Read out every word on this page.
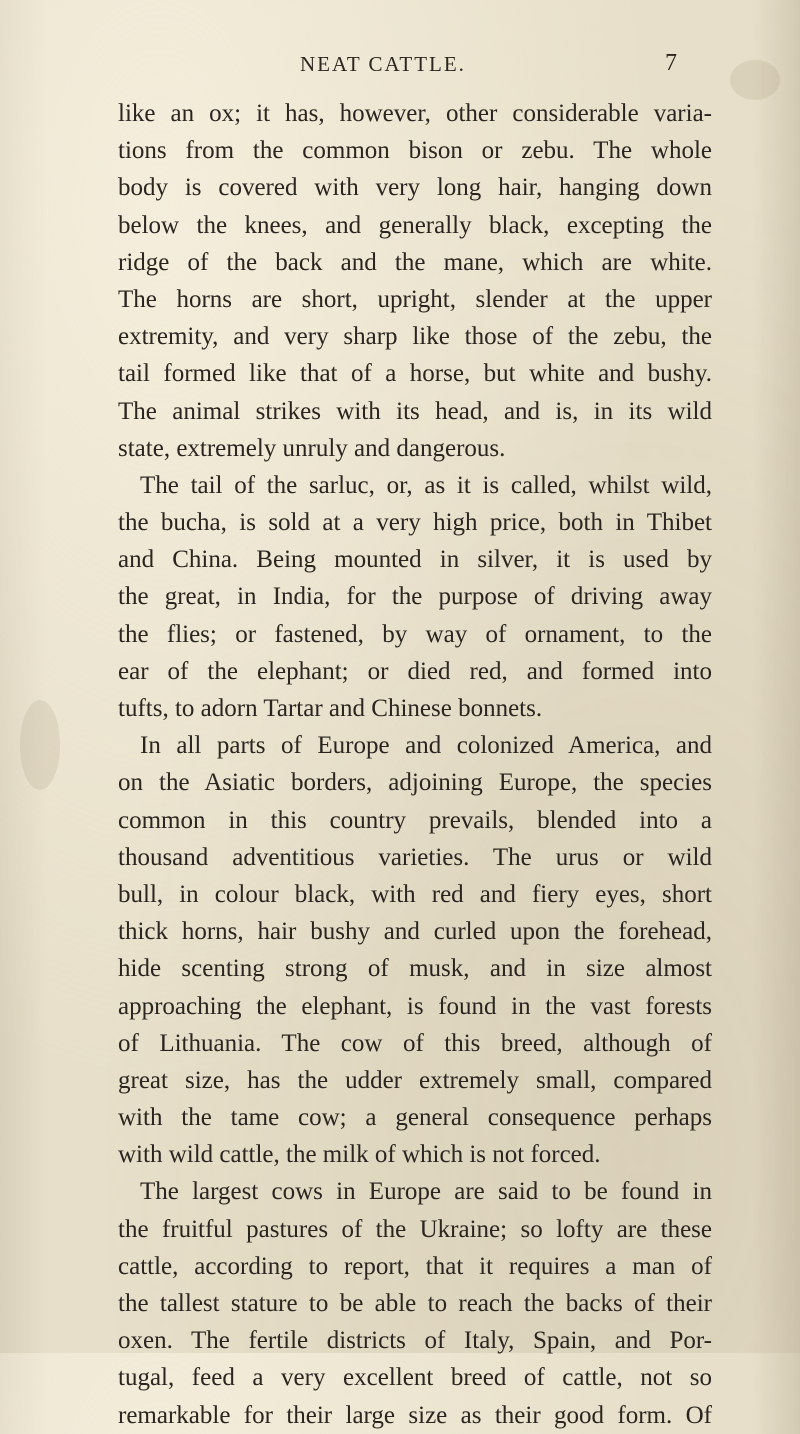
NEAT CATTLE.	7
like an ox; it has, however, other considerable varia-
tions from the common bison or zebu. The whole
body is covered with very long hair, hanging down
below the knees, and generally black, excepting the
ridge of the back and the mane, which are white.
The horns are short, upright, slender at the upper
extremity, and very sharp like those of the zebu, the
tail formed like that of a horse, but white and bushy.
The animal strikes with its head, and is, in its wild
state, extremely unruly and dangerous.
The tail of the sarluc, or, as it is called, whilst wild,
the bucha, is sold at a very high price, both in Thibet
and China. Being mounted in silver, it is used by
the great, in India, for the purpose of driving away
the flies; or fastened, by way of ornament, to the
ear of the elephant; or died red, and formed into
tufts, to adorn Tartar and Chinese bonnets.
In all parts of Europe and colonized America, and
on the Asiatic borders, adjoining Europe, the species
common in this country prevails, blended into a
thousand adventitious varieties. The urus or wild
bull, in colour black, with red and fiery eyes, short
thick horns, hair bushy and curled upon the forehead,
hide scenting strong of musk, and in size almost
approaching the elephant, is found in the vast forests
of Lithuania. The cow of this breed, although of
great size, has the udder extremely small, compared
with the tame cow; a general consequence perhaps
with wild cattle, the milk of which is not forced.
The largest cows in Europe are said to be found in
the fruitful pastures of the Ukraine; so lofty are these
cattle, according to report, that it requires a man of
the tallest stature to be able to reach the backs of their
oxen. The fertile districts of Italy, Spain, and Por-
tugal, feed a very excellent breed of cattle, not so
remarkable for their large size as their good form. Of
